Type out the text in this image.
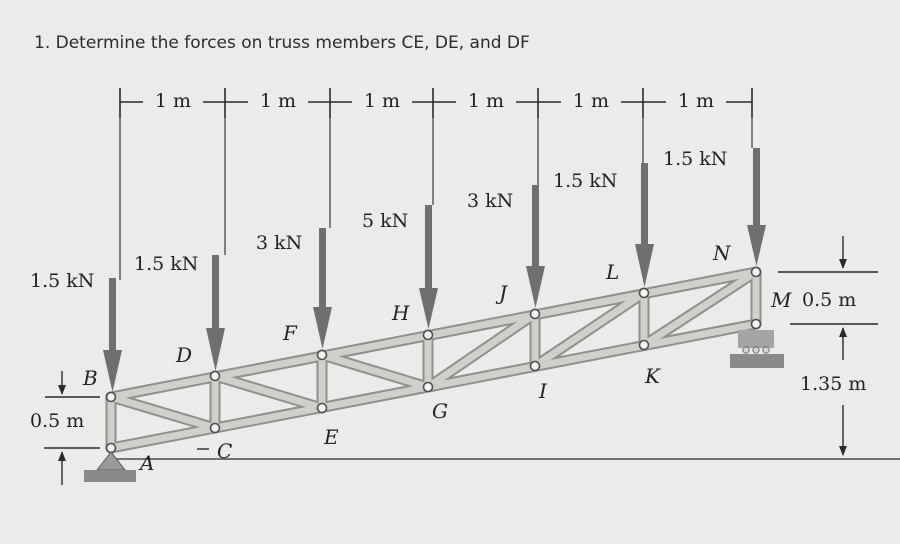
1. Determine the forces on truss members CE, DE, and DF
1 m	1 m	1 m	1 m	1 m	1 m
1.5 kN
1.5 kN
3 kN
5 kN
3 kN
1.5 kN
1.5 kN
A
B
C
D
E
F
G
H
I
J
K
L
M
N
0.5 m
0.5 m
1.35 m
